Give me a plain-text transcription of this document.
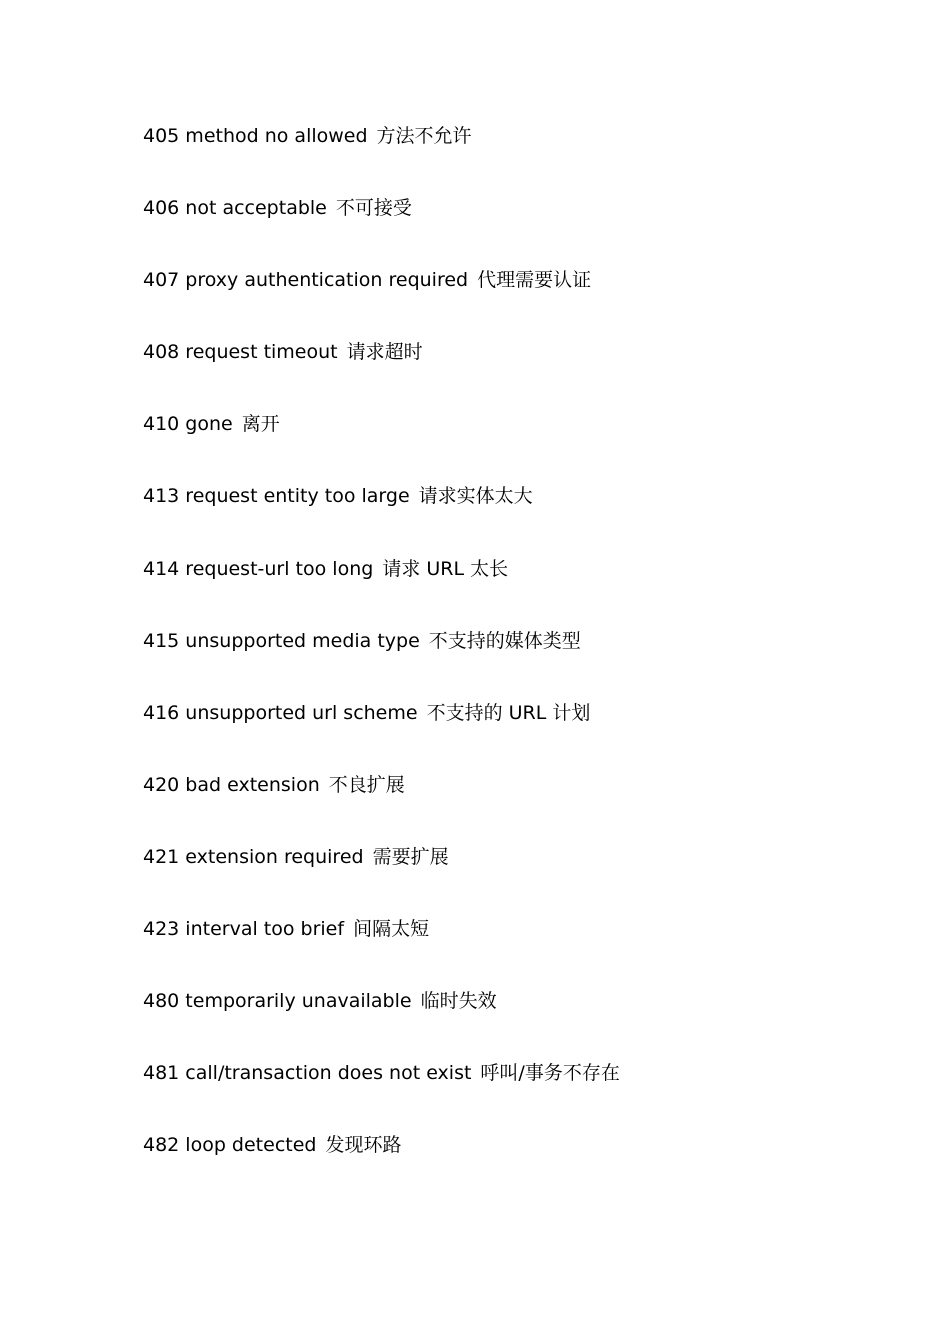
405 method no allowed 方法不允许
406 not acceptable 不可接受
407 proxy authentication required 代理需要认证
408 request timeout 请求超时
410 gone 离开
413 request entity too large 请求实体太大
414 request-url too long 请求 URL 太长
415 unsupported media type 不支持的媒体类型
416 unsupported url scheme 不支持的 URL 计划
420 bad extension 不良扩展
421 extension required 需要扩展
423 interval too brief 间隔太短
480 temporarily unavailable 临时失效
481 call/transaction does not exist 呼叫/事务不存在
482 loop detected 发现环路
